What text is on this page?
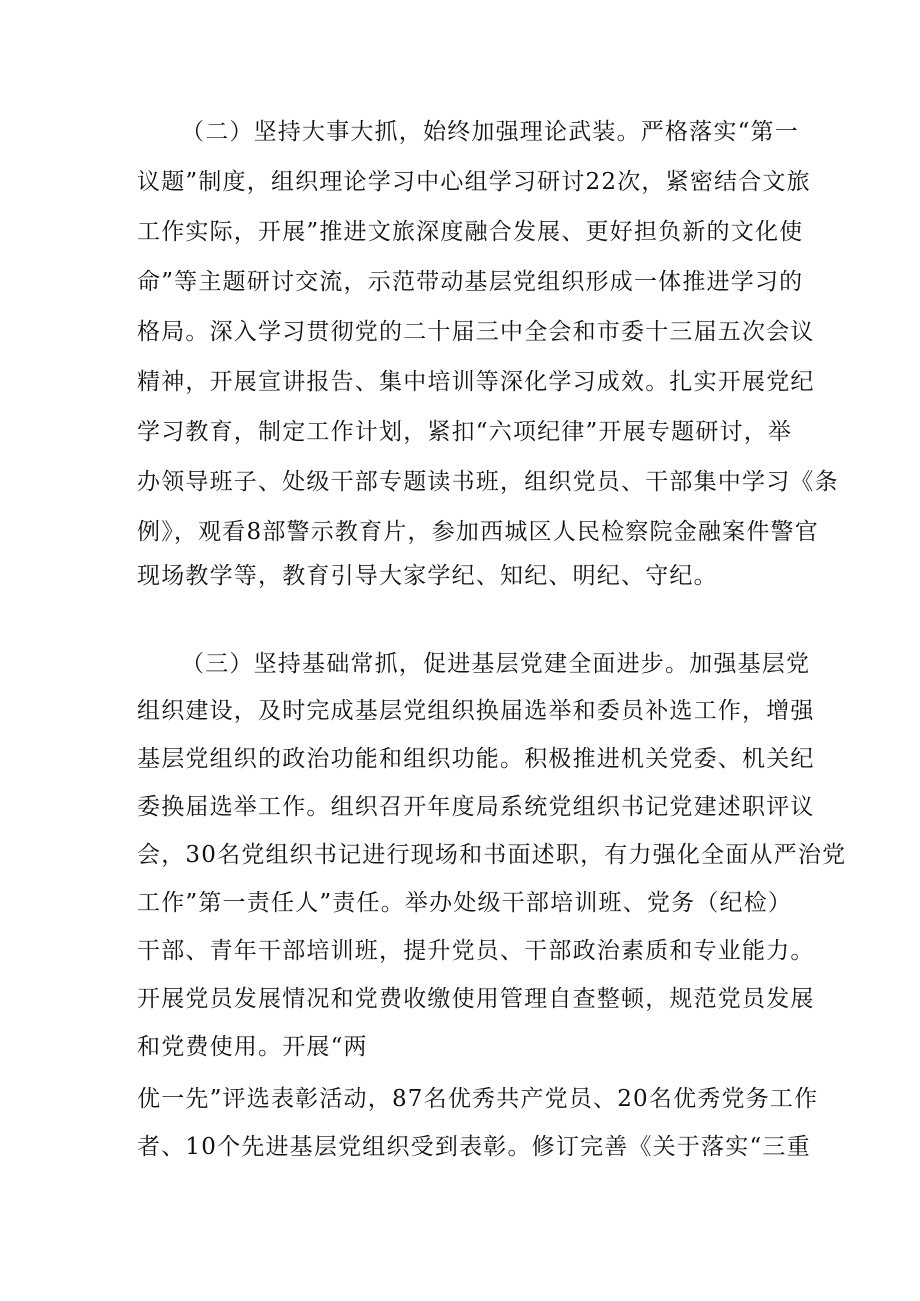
（二）坚持大事大抓，始终加强理论武装。严格落实“第一
议题”制度，组织理论学习中心组学习研讨22次，紧密结合文旅
工作实际，开展”推进文旅深度融合发展、更好担负新的文化使
命”等主题研讨交流，示范带动基层党组织形成一体推进学习的
格局。深入学习贯彻党的二十届三中全会和市委十三届五次会议
精神，开展宣讲报告、集中培训等深化学习成效。扎实开展党纪
学习教育，制定工作计划，紧扣“六项纪律”开展专题研讨，举
办领导班子、处级干部专题读书班，组织党员、干部集中学习《条
例》，观看8部警示教育片，参加西城区人民检察院金融案件警官
现场教学等，教育引导大家学纪、知纪、明纪、守纪。
（三）坚持基础常抓，促进基层党建全面进步。加强基层党
组织建设，及时完成基层党组织换届选举和委员补选工作，增强
基层党组织的政治功能和组织功能。积极推进机关党委、机关纪
委换届选举工作。组织召开年度局系统党组织书记党建述职评议
会，30名党组织书记进行现场和书面述职，有力强化全面从严治党
工作”第一责任人”责任。举办处级干部培训班、党务（纪检）
干部、青年干部培训班，提升党员、干部政治素质和专业能力。
开展党员发展情况和党费收缴使用管理自查整顿，规范党员发展
和党费使用。开展“两
优一先”评选表彰活动，87名优秀共产党员、20名优秀党务工作
者、10个先进基层党组织受到表彰。修订完善《关于落实“三重
